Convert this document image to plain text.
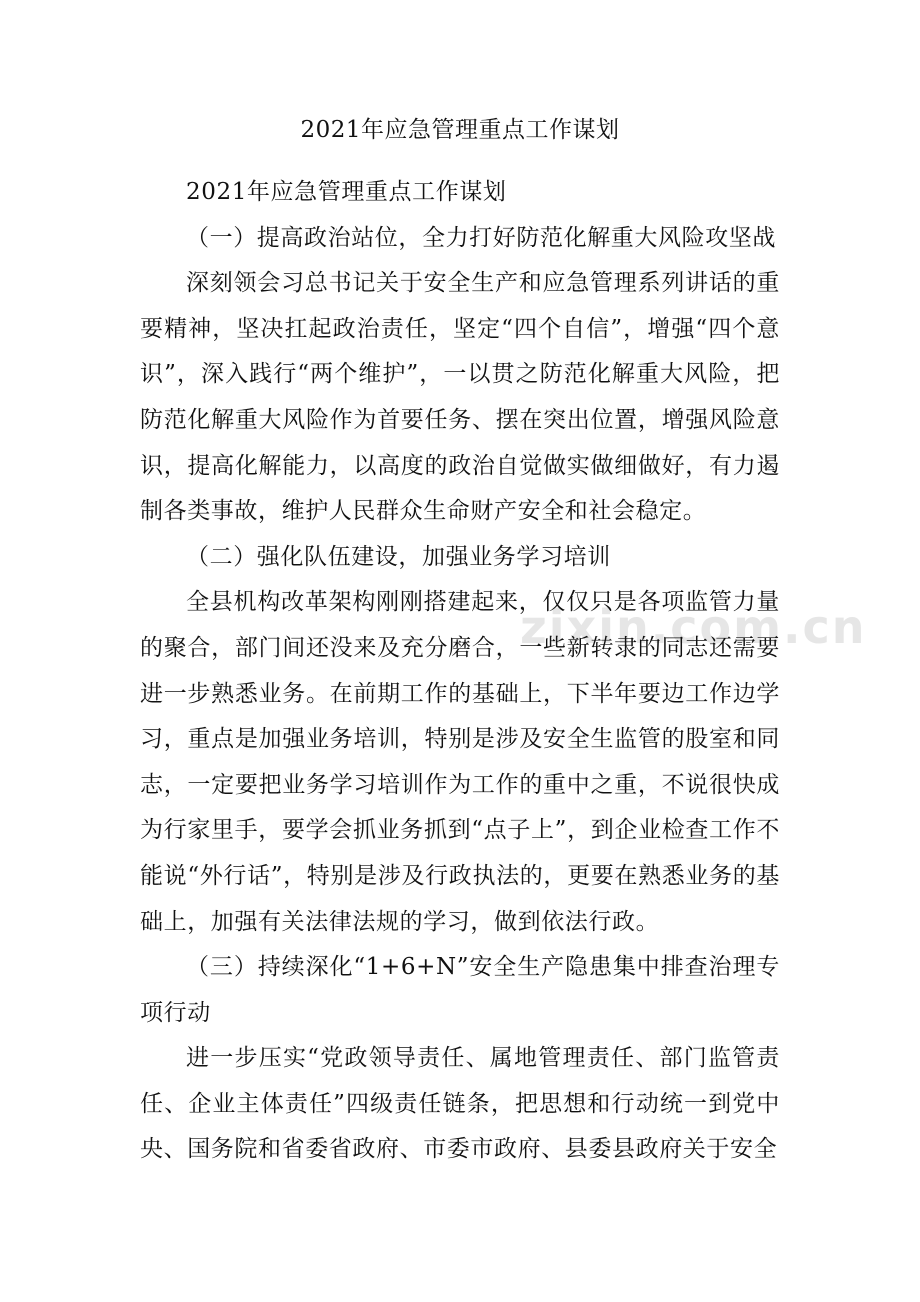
2021年应急管理重点工作谋划
zixin.com.cn

2021年应急管理重点工作谋划

（一）提高政治站位，全力打好防范化解重大风险攻坚战

深刻领会习总书记关于安全生产和应急管理系列讲话的重要精神，坚决扛起政治责任，坚定“四个自信”，增强“四个意识”，深入践行“两个维护”，一以贯之防范化解重大风险，把防范化解重大风险作为首要任务、摆在突出位置，增强风险意识，提高化解能力，以高度的政治自觉做实做细做好，有力遏制各类事故，维护人民群众生命财产安全和社会稳定。

（二）强化队伍建设，加强业务学习培训

全县机构改革架构刚刚搭建起来，仅仅只是各项监管力量的聚合，部门间还没来及充分磨合，一些新转隶的同志还需要进一步熟悉业务。在前期工作的基础上，下半年要边工作边学习，重点是加强业务培训，特别是涉及安全生监管的股室和同志，一定要把业务学习培训作为工作的重中之重，不说很快成为行家里手，要学会抓业务抓到“点子上”，到企业检查工作不能说“外行话”，特别是涉及行政执法的，更要在熟悉业务的基础上，加强有关法律法规的学习，做到依法行政。

（三）持续深化“1+6+N”安全生产隐患集中排查治理专项行动

进一步压实“党政领导责任、属地管理责任、部门监管责任、企业主体责任”四级责任链条，把思想和行动统一到党中央、国务院和省委省政府、市委市政府、县委县政府关于安全
